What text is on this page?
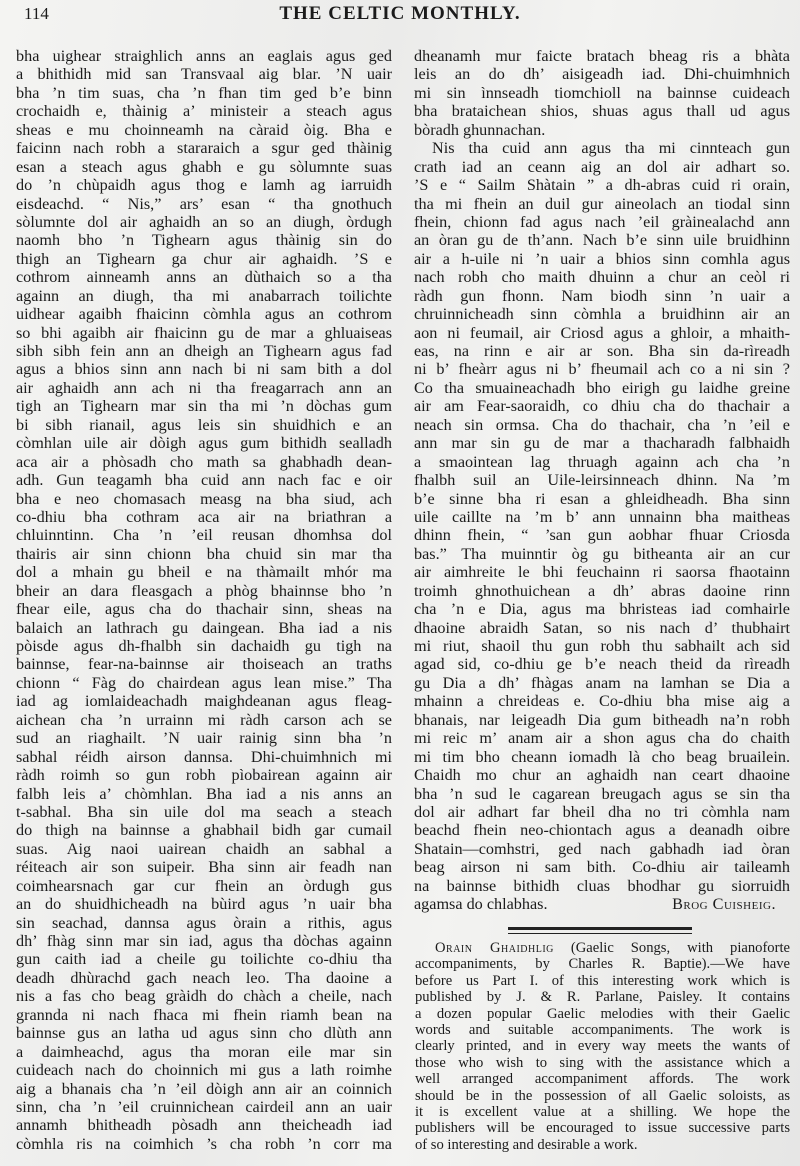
114	THE CELTIC MONTHLY.
bha uighear straighlich anns an eaglais agus ged
a bhithidh mid san Transvaal aig blar. ’N uair
bha ’n tim suas, cha ’n fhan tim ged b’e binn
crochaidh e, thàinig a’ ministeir a steach agus
sheas e mu choinneamh na càraid òig. Bha e
faicinn nach robh a stararaich a sgur ged thàinig
esan a steach agus ghabh e gu sòlumnte suas
do ’n chùpaidh agus thog e lamh ag iarruidh
eisdeachd. “ Nis,” ars’ esan “ tha gnothuch
sòlumnte dol air aghaidh an so an diugh, òrdugh
naomh bho ’n Tighearn agus thàinig sin do
thigh an Tighearn ga chur air aghaidh. ’S e
cothrom ainneamh anns an dùthaich so a tha
againn an diugh, tha mi anabarrach toilichte
uidhear agaibh fhaicinn còmhla agus an cothrom
so bhi agaibh air fhaicinn gu de mar a ghluaiseas
sibh sibh fein ann an dheigh an Tighearn agus fad
agus a bhios sinn ann nach bi ni sam bith a dol
air aghaidh ann ach ni tha freagarrach ann an
tigh an Tighearn mar sin tha mi ’n dòchas gum
bi sibh rianail, agus leis sin shuidhich e an
còmhlan uile air dòigh agus gum bithidh sealladh
aca air a phòsadh cho math sa ghabhadh dean-
adh. Gun teagamh bha cuid ann nach fac e oir
bha e neo chomasach measg na bha siud, ach
co-dhiu bha cothram aca air na briathran a
chluinntinn. Cha ’n ’eil reusan dhomhsa dol
thairis air sinn chionn bha chuid sin mar tha
dol a mhain gu bheil e na thàmailt mhór ma
bheir an dara fleasgach a phòg bhainnse bho ’n
fhear eile, agus cha do thachair sinn, sheas na
balaich an lathrach gu daingean. Bha iad a nis
pòisde agus dh-fhalbh sin dachaidh gu tigh na
bainnse, fear-na-bainnse air thoiseach an traths
chionn “ Fàg do chairdean agus lean mise.” Tha
iad ag iomlaideachadh maighdeanan agus fleag-
aichean cha ’n urrainn mi ràdh carson ach se
sud an riaghailt. ’N uair rainig sinn bha ’n
sabhal réidh airson dannsa. Dhi-chuimhnich mi
ràdh roimh so gun robh pìobairean againn air
falbh leis a’ chòmhlan. Bha iad a nis anns an
t-sabhal. Bha sin uile dol ma seach a steach
do thigh na bainnse a ghabhail bidh gar cumail
suas. Aig naoi uairean chaidh an sabhal a
réiteach air son suipeir. Bha sinn air feadh nan
coimhearsnach gar cur fhein an òrdugh gus
an do shuidhicheadh na bùird agus ’n uair bha
sin seachad, dannsa agus òrain a rithis, agus
dh’ fhàg sinn mar sin iad, agus tha dòchas againn
gun caith iad a cheile gu toilichte co-dhiu tha
deadh dhùrachd gach neach leo. Tha daoine a
nis a fas cho beag gràidh do chàch a cheile, nach
grannda ni nach fhaca mi fhein riamh bean na
bainnse gus an latha ud agus sinn cho dlùth ann
a daimheachd, agus tha moran eile mar sin
cuideach nach do choinnich mi gus a lath roimhe
aig a bhanais cha ’n ’eil dòigh ann air an coinnich
sinn, cha ’n ’eil cruinnichean cairdeil ann an uair
annamh bhitheadh pòsadh ann theicheadh iad
còmhla ris na coimhich ’s cha robh ’n corr ma
dheanamh mur faicte bratach bheag ris a bhàta
leis an do dh’ aisigeadh iad. Dhi-chuimhnich
mi sin ìnnseadh tiomchioll na bainnse cuideach
bha brataichean shios, shuas agus thall ud agus
bòradh ghunnachan.
Nis tha cuid ann agus tha mi cinnteach gun
crath iad an ceann aig an dol air adhart so.
’S e “ Sailm Shàtain ” a dh-abras cuid ri orain,
tha mi fhein an duil gur aineolach an tiodal sinn
fhein, chionn fad agus nach ’eil gràinealachd ann
an òran gu de th’ann. Nach b’e sinn uile bruidhinn
air a h-uile ni ’n uair a bhios sinn comhla agus
nach robh cho maith dhuinn a chur an ceòl ri
ràdh gun fhonn. Nam biodh sinn ’n uair a
chruinnicheadh sinn còmhla a bruidhinn air an
aon ni feumail, air Criosd agus a ghloir, a mhaith-
eas, na rinn e air ar son. Bha sin da-rìreadh
ni b’ fheàrr agus ni b’ fheumail ach co a ni sin ?
Co tha smuaineachadh bho eirigh gu laidhe greine
air am Fear-saoraidh, co dhiu cha do thachair a
neach sin ormsa. Cha do thachair, cha ’n ’eil e
ann mar sin gu de mar a thacharadh falbhaidh
a smaointean lag thruagh againn ach cha ’n
fhalbh suil an Uile-leirsinneach dhinn. Na ’m
b’e sinne bha ri esan a ghleidheadh. Bha sinn
uile caillte na ’m b’ ann unnainn bha maitheas
dhinn fhein, “ ’san gun aobhar fhuar Criosda
bas.” Tha muinntir òg gu bitheanta air an cur
air aimhreite le bhi feuchainn ri saorsa fhaotainn
troimh ghnothuichean a dh’ abras daoine rinn
cha ’n e Dia, agus ma bhristeas iad comhairle
dhaoine abraidh Satan, so nis nach d’ thubhairt
mi riut, shaoil thu gun robh thu sabhailt ach sid
agad sid, co-dhiu ge b’e neach theid da rìreadh
gu Dia a dh’ fhàgas anam na lamhan se Dia a
mhainn a chreideas e. Co-dhiu bha mise aig a
bhanais, nar leigeadh Dia gum bitheadh na’n robh
mi reic m’ anam air a shon agus cha do chaith
mi tim bho cheann iomadh là cho beag bruailein.
Chaidh mo chur an aghaidh nan ceart dhaoine
bha ’n sud le cagarean breugach agus se sin tha
dol air adhart far bheil dha no tri còmhla nam
beachd fhein neo-chiontach agus a deanadh oibre
Shatain—comhstri, ged nach gabhadh iad òran
beag airson ni sam bith. Co-dhiu air taileamh
na bainnse bithidh cluas bhodhar gu siorruidh
agamsa do chlabhas.	Brog Cuisheig.
Orain Ghaidhlig (Gaelic Songs, with pianoforte
accompaniments, by Charles R. Baptie).—We have
before us Part I. of this interesting work which is
published by J. & R. Parlane, Paisley. It contains
a dozen popular Gaelic melodies with their Gaelic
words and suitable accompaniments. The work is
clearly printed, and in every way meets the wants of
those who wish to sing with the assistance which a
well arranged accompaniment affords. The work
should be in the possession of all Gaelic soloists, as
it is excellent value at a shilling. We hope the
publishers will be encouraged to issue successive parts
of so interesting and desirable a work.
